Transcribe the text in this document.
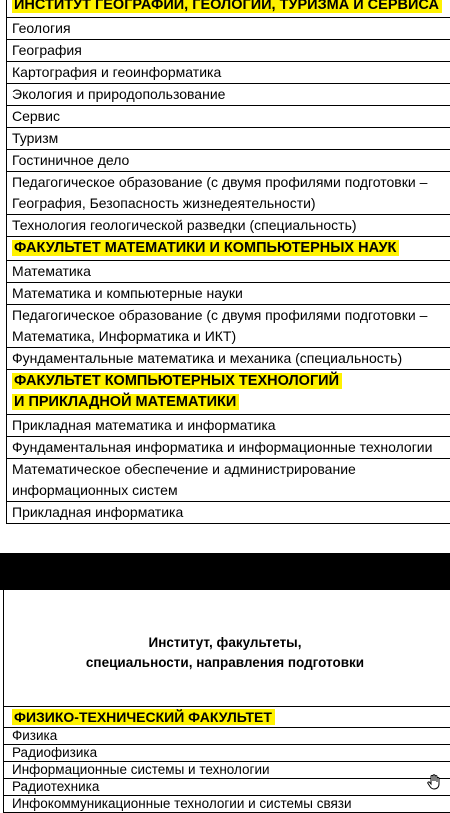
ИНСТИТУТ ГЕОГРАФИИ, ГЕОЛОГИИ, ТУРИЗМА И СЕРВИСА
Геология
География
Картография и геоинформатика
Экология и природопользование
Сервис
Туризм
Гостиничное дело
Педагогическое образование (с двумя профилями подготовки – География, Безопасность жизнедеятельности)
Технология геологической разведки (специальность)
ФАКУЛЬТЕТ МАТЕМАТИКИ И КОМПЬЮТЕРНЫХ НАУК
Математика
Математика и компьютерные науки
Педагогическое образование (с двумя профилями подготовки – Математика, Информатика и ИКТ)
Фундаментальные математика и механика (специальность)
ФАКУЛЬТЕТ КОМПЬЮТЕРНЫХ ТЕХНОЛОГИЙ
И ПРИКЛАДНОЙ МАТЕМАТИКИ
Прикладная математика и информатика
Фундаментальная информатика и информационные технологии
Математическое обеспечение и администрирование информационных систем
Прикладная информатика
Институт, факультеты,
специальности, направления подготовки
ФИЗИКО-ТЕХНИЧЕСКИЙ ФАКУЛЬТЕТ
Физика
Радиофизика
Информационные системы и технологии
Радиотехника
Инфокоммуникационные технологии и системы связи
